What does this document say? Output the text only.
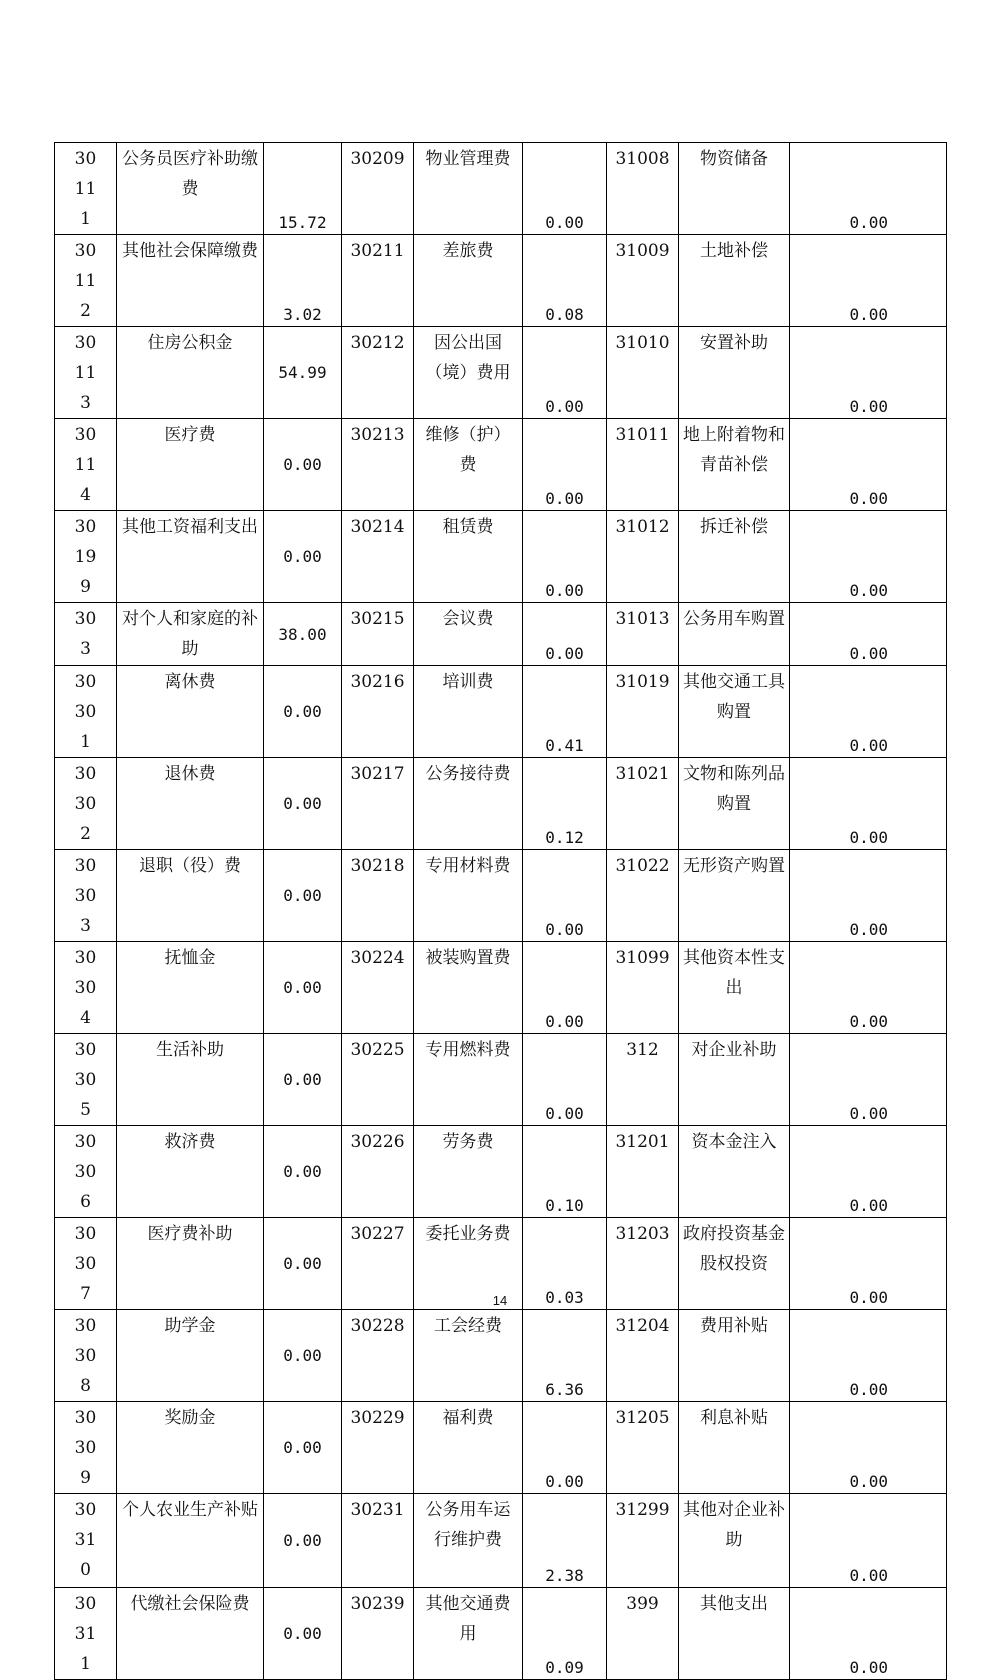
30111	公务员医疗补助缴费	15.72	30209	物业管理费	0.00	31008	物资储备	0.00

30112	其他社会保障缴费	3.02	30211	差旅费	0.08	31009	土地补偿	0.00

30113	住房公积金	54.99	30212	因公出国（境）费用	0.00	31010	安置补助	0.00

30114	医疗费	0.00	30213	维修（护）费	0.00	31011	地上附着物和青苗补偿	0.00

30199	其他工资福利支出	0.00	30214	租赁费	0.00	31012	拆迁补偿	0.00

303	对个人和家庭的补助	38.00	30215	会议费	0.00	31013	公务用车购置	0.00

30301	离休费	0.00	30216	培训费	0.41	31019	其他交通工具购置	0.00

30302	退休费	0.00	30217	公务接待费	0.12	31021	文物和陈列品购置	0.00

30303	退职（役）费	0.00	30218	专用材料费	0.00	31022	无形资产购置	0.00

30304	抚恤金	0.00	30224	被装购置费	0.00	31099	其他资本性支出	0.00

30305	生活补助	0.00	30225	专用燃料费	0.00	312	对企业补助	0.00

30306	救济费	0.00	30226	劳务费	0.10	31201	资本金注入	0.00

30307	医疗费补助	0.00	30227	委托业务费	0.03	31203	政府投资基金股权投资	0.00

30308	助学金	0.00	30228	工会经费	6.36	31204	费用补贴	0.00

30309	奖励金	0.00	30229	福利费	0.00	31205	利息补贴	0.00

30310	个人农业生产补贴	0.00	30231	公务用车运行维护费	2.38	31299	其他对企业补助	0.00

30311	代缴社会保险费	0.00	30239	其他交通费用	0.09	399	其他支出	0.00
14
